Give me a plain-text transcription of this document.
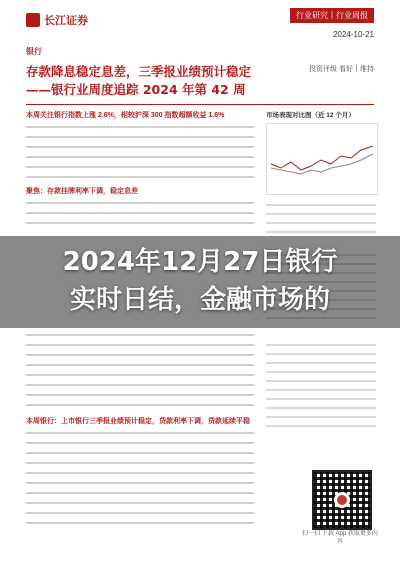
长江证券	行业研究丨行业周报
2024-10-21
银行
投资评级 看好丨维持
存款降息稳定息差，三季报业绩预计稳定
——银行业周度追踪 2024 年第 42 周
本周关注银行指数上涨 2.6%，相较沪深 300 指数超额收益 1.6%
聚焦：存款挂牌利率下调，稳定息差
本周银行：上市银行三季报业绩预计稳定，贷款利率下调，贷款延续平稳
市场表现对比图（近 12 个月）
扫一扫 下载 App 获取更多内容
2024年12月27日银行
实时日结，金融市场的
